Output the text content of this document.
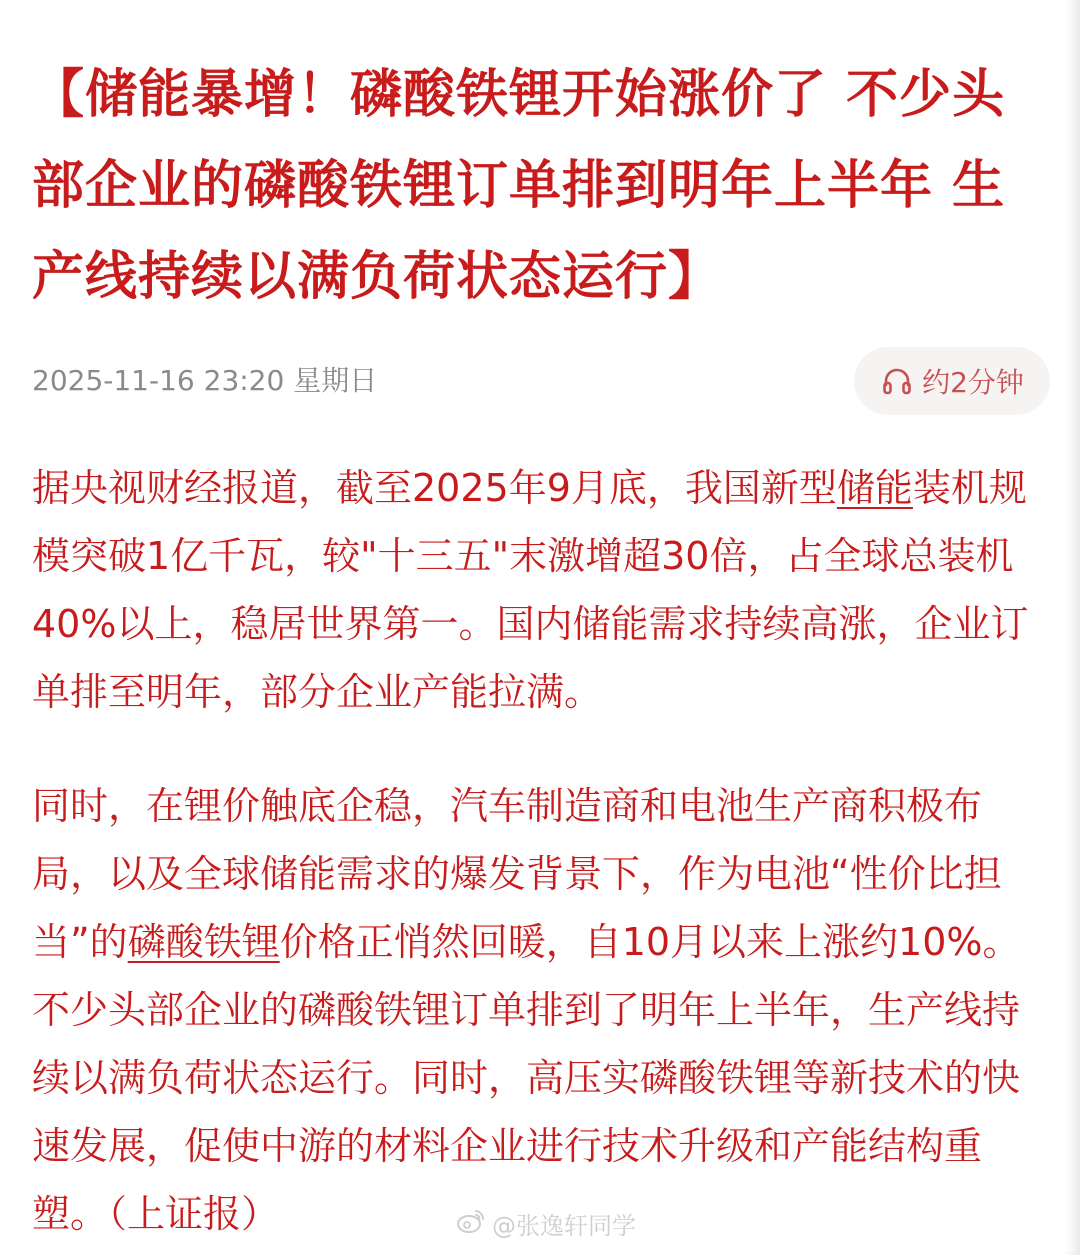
【储能暴增！磷酸铁锂开始涨价了 不少头部企业的磷酸铁锂订单排到明年上半年 生产线持续以满负荷状态运行】
2025-11-16 23:20 星期日	约2分钟

据央视财经报道，截至2025年9月底，我国新型储能装机规模突破1亿千瓦，较"十三五"末激增超30倍，占全球总装机40%以上，稳居世界第一。国内储能需求持续高涨，企业订单排至明年，部分企业产能拉满。

同时，在锂价触底企稳，汽车制造商和电池生产商积极布局，以及全球储能需求的爆发背景下，作为电池“性价比担当”的磷酸铁锂价格正悄然回暖，自10月以来上涨约10%。不少头部企业的磷酸铁锂订单排到了明年上半年，生产线持续以满负荷状态运行。同时，高压实磷酸铁锂等新技术的快速发展，促使中游的材料企业进行技术升级和产能结构重塑。（上证报）	@张逸轩同学
